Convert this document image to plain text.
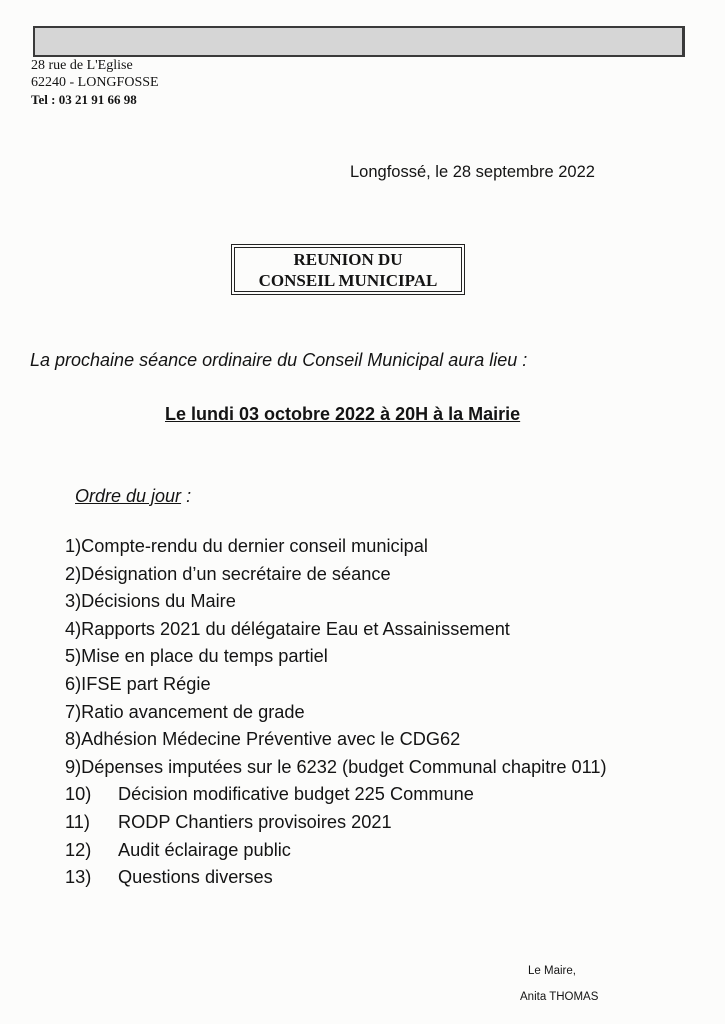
28 rue de L'Eglise
62240 - LONGFOSSE
Tel : 03 21 91 66 98
Longfossé, le 28 septembre 2022
REUNION DU
CONSEIL MUNICIPAL
La prochaine séance ordinaire du Conseil Municipal aura lieu :
Le lundi 03 octobre 2022 à 20H à la Mairie
Ordre du jour :
1) Compte-rendu du dernier conseil municipal
2) Désignation d’un secrétaire de séance
3) Décisions du Maire
4) Rapports 2021 du délégataire Eau et Assainissement
5) Mise en place du temps partiel
6) IFSE part Régie
7) Ratio avancement de grade
8) Adhésion Médecine Préventive avec le CDG62
9) Dépenses imputées sur le 6232 (budget Communal chapitre 011)
10)	Décision modificative budget 225 Commune
11)	RODP Chantiers provisoires 2021
12)	Audit éclairage public
13)	Questions diverses
Le Maire,
Anita THOMAS
